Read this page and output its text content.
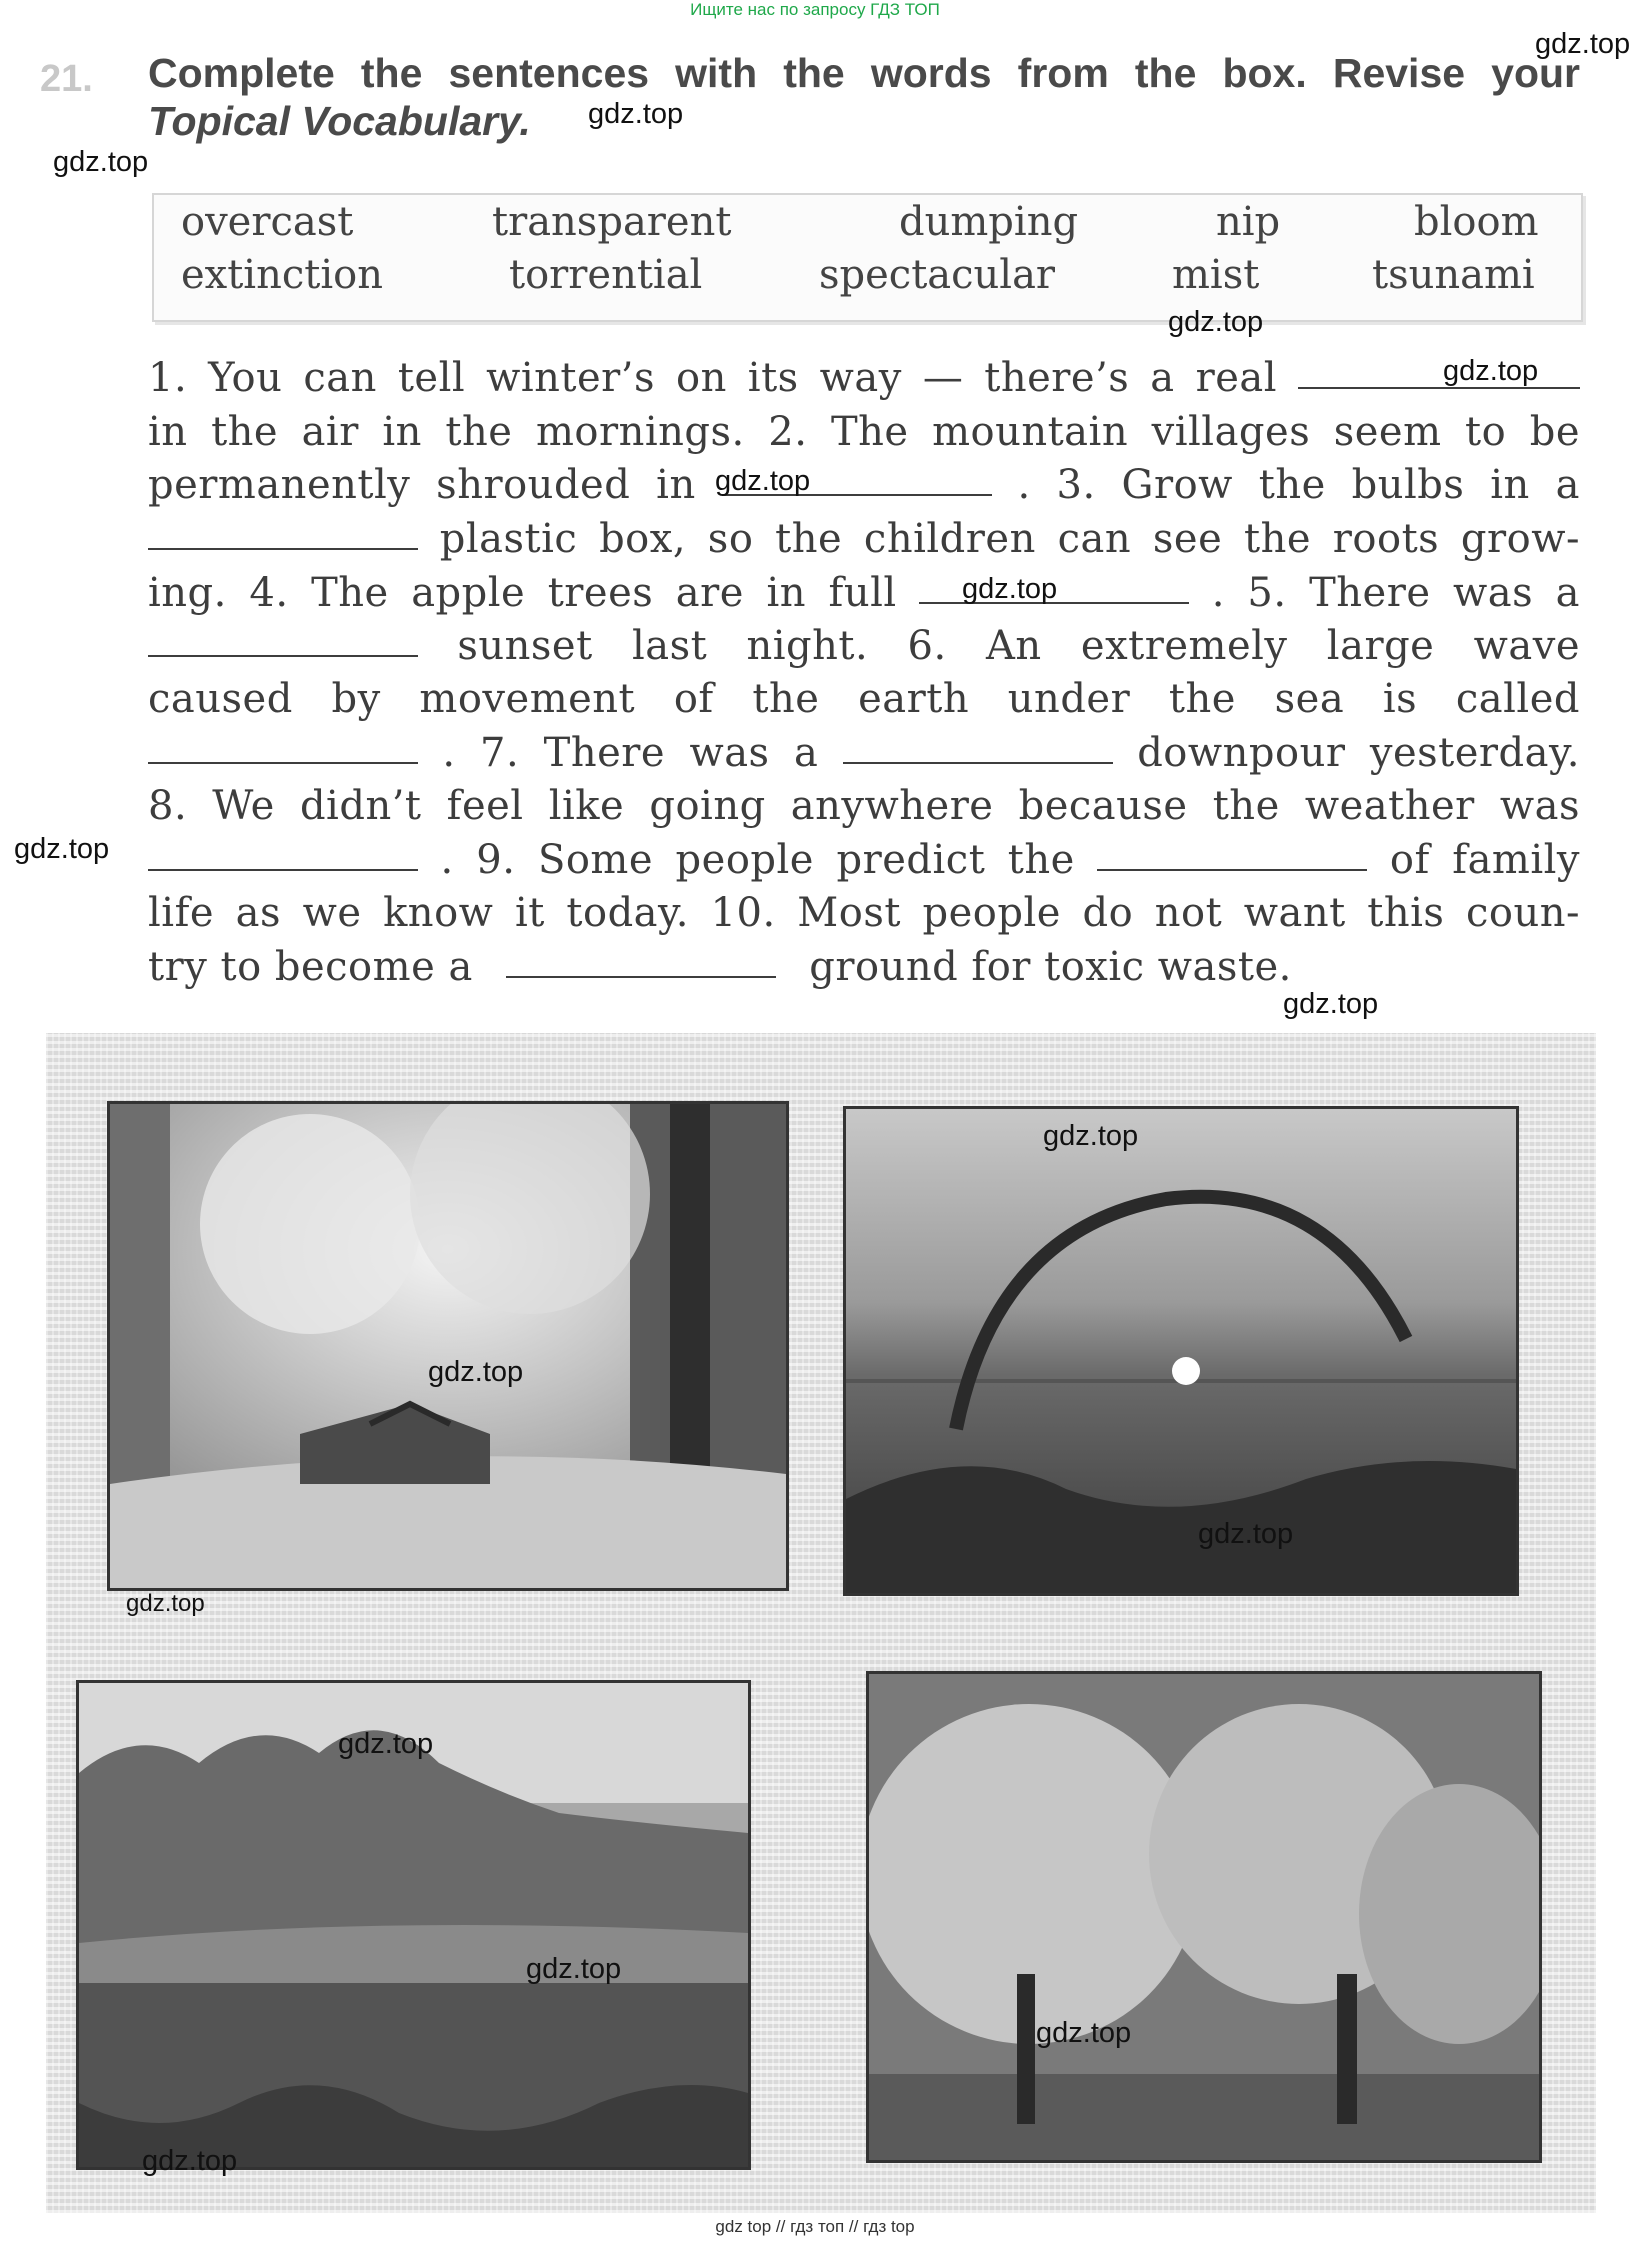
Ищите нас по запросу ГДЗ ТОП
gdz.top
21. Complete the sentences with the words from the box. Revise your
Topical Vocabulary. gdz.top
gdz.top
overcast	transparent	dumping	nip	bloom
extinction	torrential	spectacular	mist	tsunami
gdz.top
1. You can tell winter’s on its way — there’s a real	gdz.top
in the air in the mornings. 2. The mountain villages seem to be
permanently shrouded in	. 3. Grow the bulbs in a
gdz.top
plastic box, so the children can see the roots grow-
ing. 4. The apple trees are in full	. 5. There was a
gdz.top
sunset last night. 6. An extremely large wave
caused by movement of the earth under the sea is called
. 7. There was a	downpour yesterday.
8. We didn’t feel like going anywhere because the weather was
gdz.top	. 9. Some people predict the	of family
life as we know it today. 10. Most people do not want this coun-
try to become a	ground for toxic waste.
gdz.top
gdz.top
gdz.top
gdz.top
gdz.top
gdz.top
gdz.top
gdz.top
gdz.top
gdz top // гдз топ // гдз top
